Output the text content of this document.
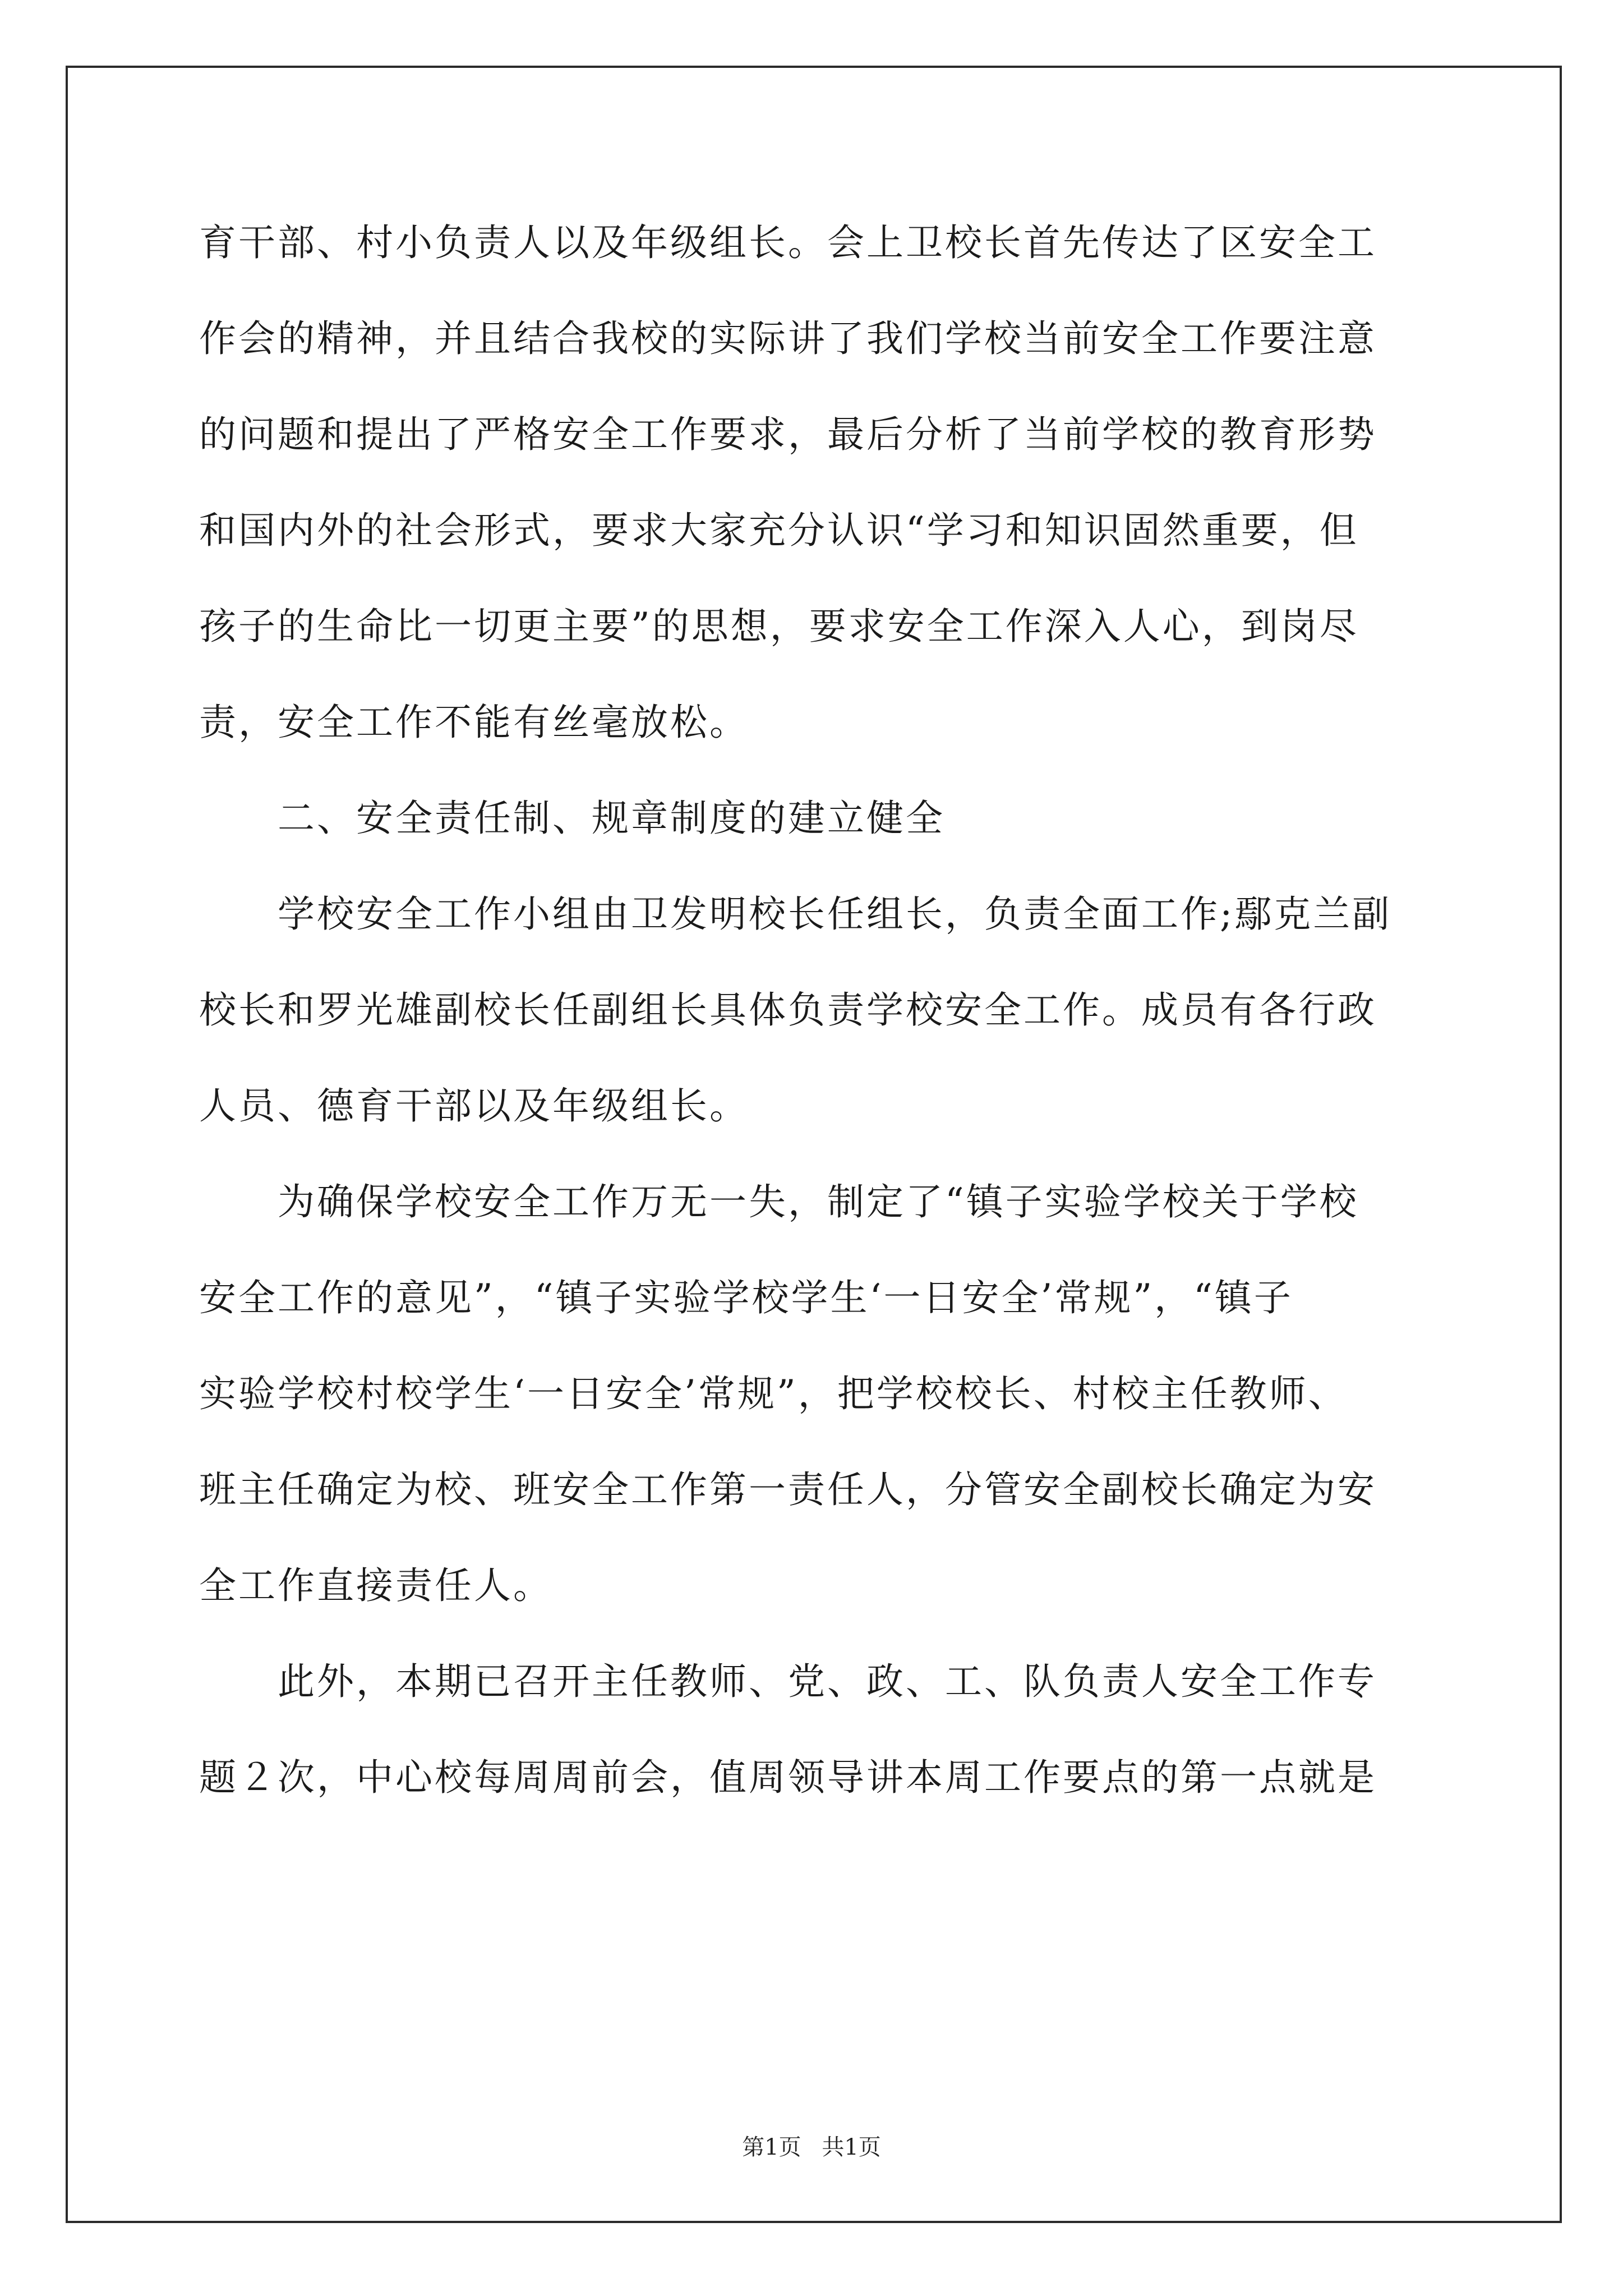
育干部、村小负责人以及年级组长。会上卫校长首先传达了区安全工
作会的精神，并且结合我校的实际讲了我们学校当前安全工作要注意
的问题和提出了严格安全工作要求，最后分析了当前学校的教育形势
和国内外的社会形式，要求大家充分认识“学习和知识固然重要，但
孩子的生命比一切更主要”的思想，要求安全工作深入人心，到岗尽
责，安全工作不能有丝毫放松。
　　二、安全责任制、规章制度的建立健全
　　学校安全工作小组由卫发明校长任组长，负责全面工作;鄢克兰副
校长和罗光雄副校长任副组长具体负责学校安全工作。成员有各行政
人员、德育干部以及年级组长。
　　为确保学校安全工作万无一失，制定了“镇子实验学校关于学校
安全工作的意见”，“镇子实验学校学生‘一日安全’常规”，“镇子
实验学校村校学生‘一日安全’常规”，把学校校长、村校主任教师、
班主任确定为校、班安全工作第一责任人，分管安全副校长确定为安
全工作直接责任人。
　　此外，本期已召开主任教师、党、政、工、队负责人安全工作专
题２次，中心校每周周前会，值周领导讲本周工作要点的第一点就是
第1页 共1页
